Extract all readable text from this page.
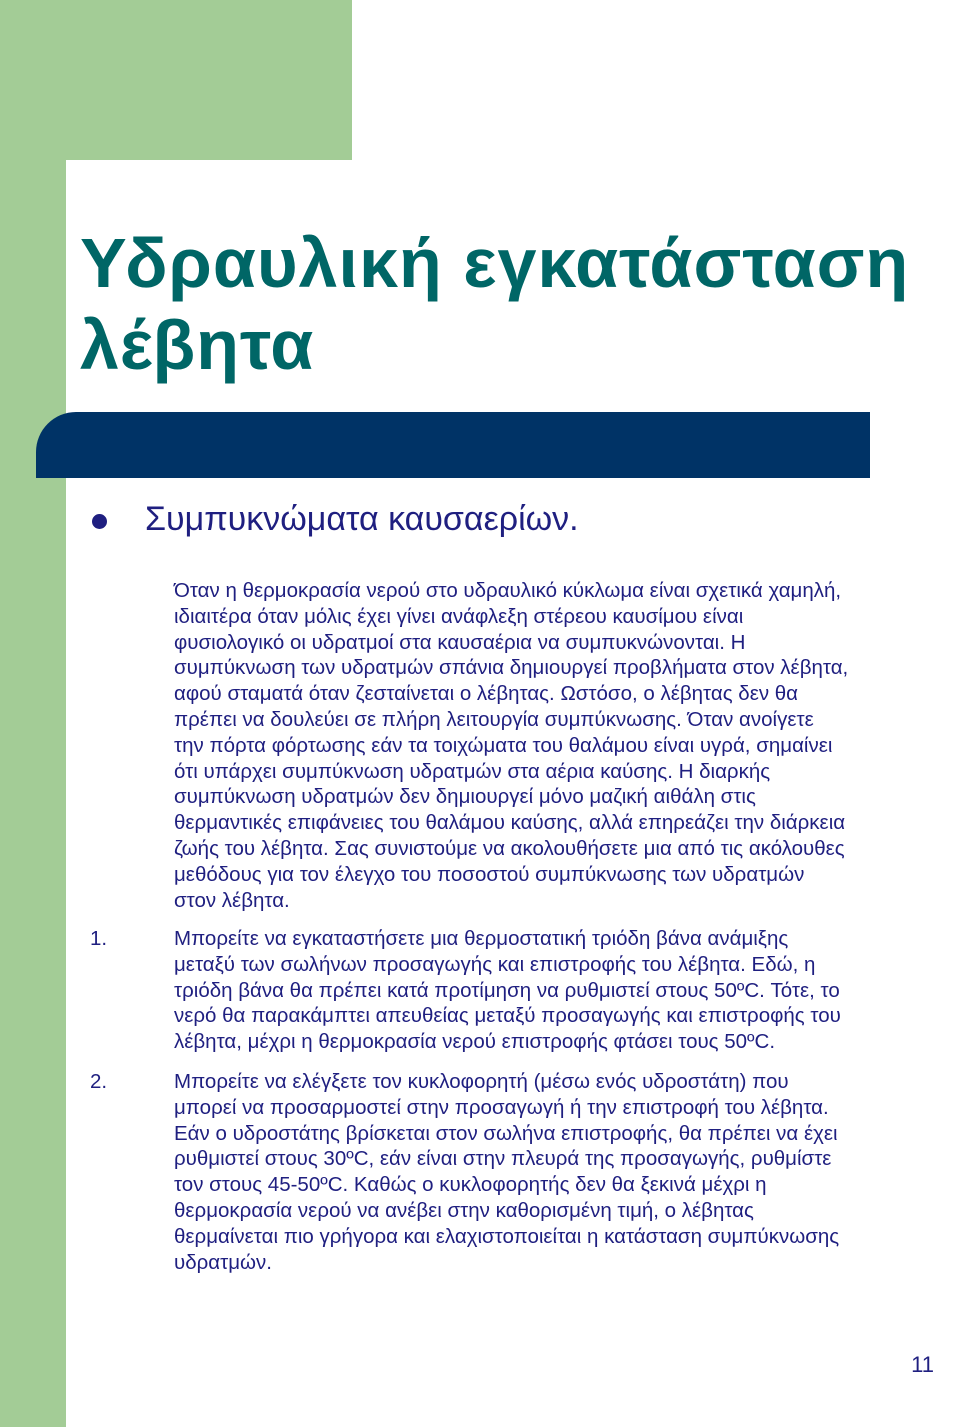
Υδραυλική εγκατάσταση λέβητα
Συμπυκνώματα καυσαερίων.

Όταν η θερμοκρασία νερού στο υδραυλικό κύκλωμα είναι σχετικά χαμηλή,
ιδιαιτέρα όταν μόλις έχει γίνει ανάφλεξη στέρεου καυσίμου είναι
φυσιολογικό οι υδρατμοί στα καυσαέρια να συμπυκνώνονται. Η
συμπύκνωση των υδρατμών σπάνια δημιουργεί προβλήματα στον λέβητα,
αφού σταματά όταν ζεσταίνεται ο λέβητας. Ωστόσο, ο λέβητας δεν θα
πρέπει να δουλεύει σε πλήρη λειτουργία συμπύκνωσης. Όταν ανοίγετε
την πόρτα φόρτωσης εάν τα τοιχώματα του θαλάμου είναι υγρά, σημαίνει
ότι υπάρχει συμπύκνωση υδρατμών στα αέρια καύσης. Η διαρκής
συμπύκνωση υδρατμών δεν δημιουργεί μόνο μαζική αιθάλη στις
θερμαντικές επιφάνειες του θαλάμου καύσης, αλλά επηρεάζει την διάρκεια
ζωής του λέβητα. Σας συνιστούμε να ακολουθήσετε μια από τις ακόλουθες
μεθόδους για τον έλεγχο του ποσοστού συμπύκνωσης των υδρατμών
στον λέβητα.

1.	Μπορείτε να εγκαταστήσετε μια θερμοστατική τριόδη βάνα ανάμιξης
μεταξύ των σωλήνων προσαγωγής και επιστροφής του λέβητα. Εδώ, η
τριόδη βάνα θα πρέπει κατά προτίμηση να ρυθμιστεί στους 50ºC. Τότε, το
νερό θα παρακάμπτει απευθείας μεταξύ προσαγωγής και επιστροφής του
λέβητα, μέχρι η θερμοκρασία νερού επιστροφής φτάσει τους 50ºC.
2.	Μπορείτε να ελέγξετε τον κυκλοφορητή (μέσω ενός υδροστάτη) που
μπορεί να προσαρμοστεί στην προσαγωγή ή την επιστροφή του λέβητα.
Εάν ο υδροστάτης βρίσκεται στον σωλήνα επιστροφής, θα πρέπει να έχει
ρυθμιστεί στους 30ºC, εάν είναι στην πλευρά της προσαγωγής, ρυθμίστε
τον στους 45-50ºC. Καθώς ο κυκλοφορητής δεν θα ξεκινά μέχρι η
θερμοκρασία νερού να ανέβει στην καθορισμένη τιμή, ο λέβητας
θερμαίνεται πιο γρήγορα και ελαχιστοποιείται η κατάσταση συμπύκνωσης
υδρατμών.
11
